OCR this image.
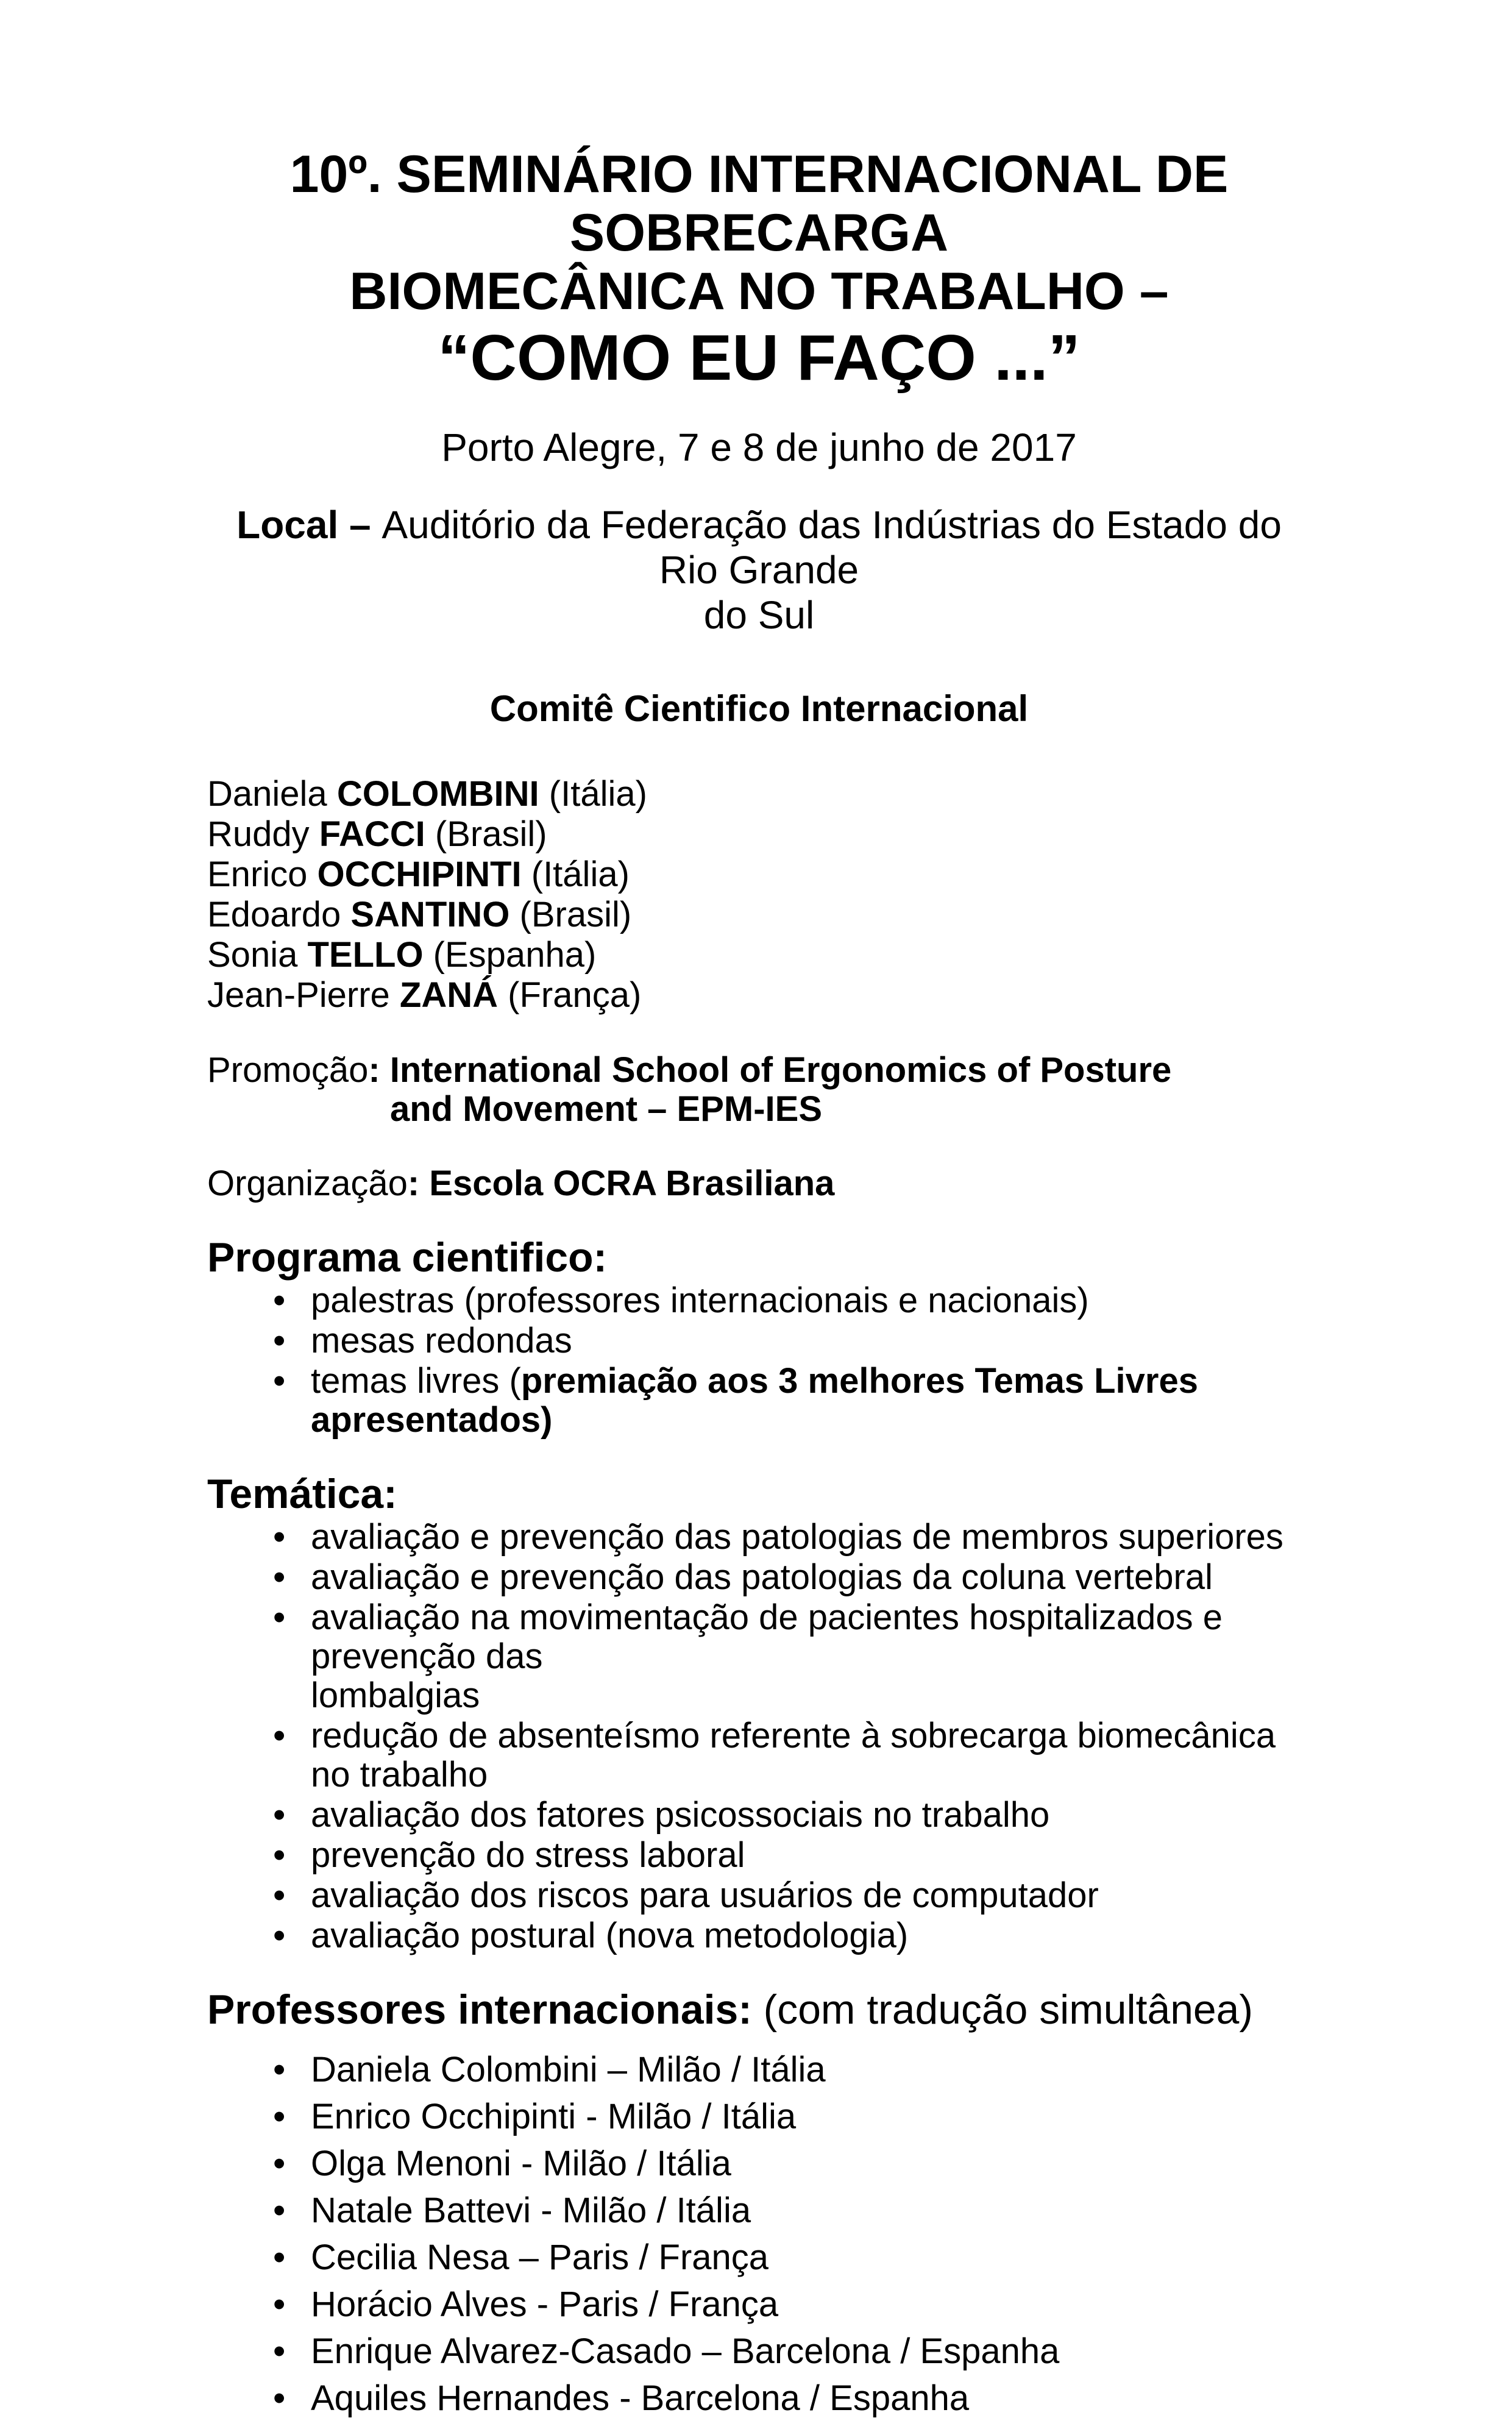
10º. SEMINÁRIO INTERNACIONAL DE SOBRECARGA
BIOMECÂNICA NO TRABALHO –
“COMO EU FAÇO ...”

Porto Alegre, 7 e 8 de junho de 2017

Local – Auditório da Federação das Indústrias do Estado do Rio Grande
do Sul

Comitê Cientifico Internacional
Daniela COLOMBINI (Itália)
Ruddy FACCI (Brasil)
Enrico OCCHIPINTI (Itália)
Edoardo SANTINO (Brasil)
Sonia TELLO (Espanha)
Jean-Pierre ZANÁ (França)

Promoção: International School of Ergonomics of Posture
and Movement – EPM-IES

Organização: Escola OCRA Brasiliana

Programa cientifico:
• palestras (professores internacionais e nacionais)
• mesas redondas
• temas livres (premiação aos 3 melhores Temas Livres apresentados)
Temática:
• avaliação e prevenção das patologias de membros superiores
• avaliação e prevenção das patologias da coluna vertebral
• avaliação na movimentação de pacientes hospitalizados e prevenção das
lombalgias
• redução de absenteísmo referente à sobrecarga biomecânica no trabalho
• avaliação dos fatores psicossociais no trabalho
• prevenção do stress laboral
• avaliação dos riscos para usuários de computador
• avaliação postural (nova metodologia)
Professores internacionais: (com tradução simultânea)
• Daniela Colombini – Milão / Itália
• Enrico Occhipinti - Milão / Itália
• Olga Menoni - Milão / Itália
• Natale Battevi - Milão / Itália
• Cecilia Nesa – Paris / França
• Horácio Alves - Paris / França
• Enrique Alvarez-Casado – Barcelona / Espanha
• Aquiles Hernandes - Barcelona / Espanha
